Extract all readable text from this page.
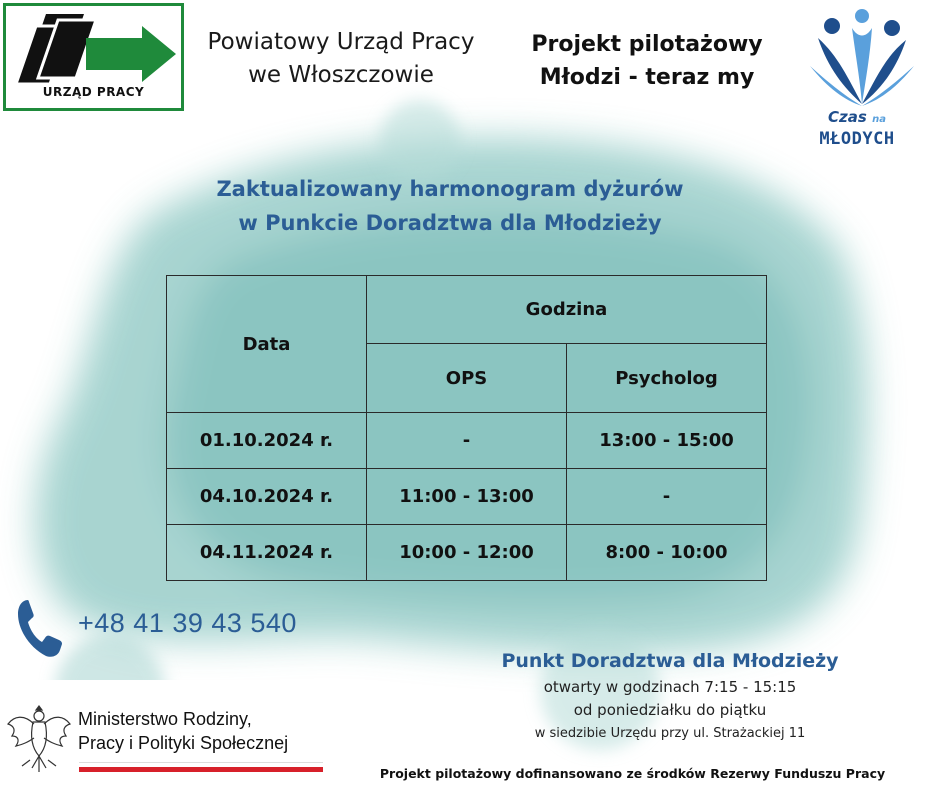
URZĄD PRACY
Powiatowy Urząd Pracy
we Włoszczowie
Projekt pilotażowy
Młodzi - teraz my
Czas na
MŁODYCH
Zaktualizowany harmonogram dyżurów
w Punkcie Doradztwa dla Młodzieży
Data	Godzina	
	OPS	Psycholog
01.10.2024 r.	-	13:00 - 15:00
04.10.2024 r.	11:00 - 13:00	-
04.11.2024 r.	10:00 - 12:00	8:00 - 10:00
+48 41 39 43 540
Punkt Doradztwa dla Młodzieży
otwarty w godzinach 7:15 - 15:15
od poniedziałku do piątku
w siedzibie Urzędu przy ul. Strażackiej 11
Ministerstwo Rodziny,
Pracy i Polityki Społecznej
Projekt pilotażowy dofinansowano ze środków Rezerwy Funduszu Pracy
